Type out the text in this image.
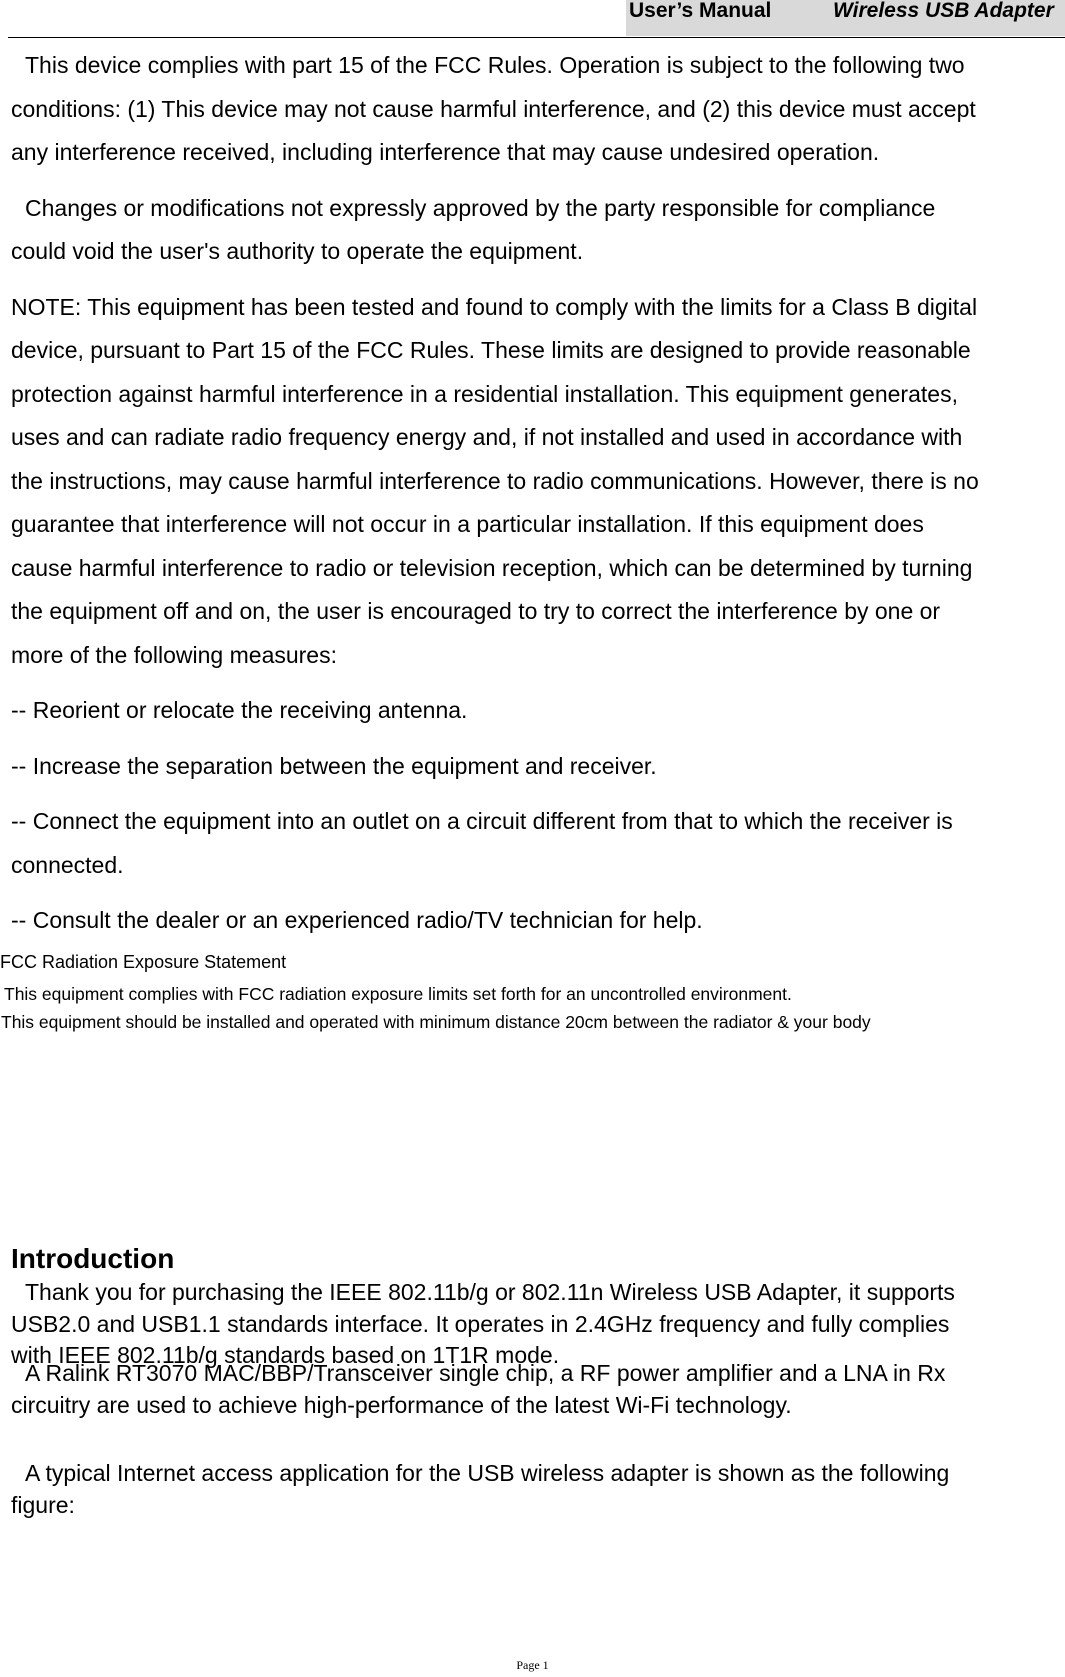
User’s Manual	Wireless USB Adapter

This device complies with part 15 of the FCC Rules. Operation is subject to the following two
conditions: (1) This device may not cause harmful interference, and (2) this device must accept
any interference received, including interference that may cause undesired operation.

Changes or modifications not expressly approved by the party responsible for compliance
could void the user's authority to operate the equipment.

NOTE: This equipment has been tested and found to comply with the limits for a Class B digital
device, pursuant to Part 15 of the FCC Rules. These limits are designed to provide reasonable
protection against harmful interference in a residential installation. This equipment generates,
uses and can radiate radio frequency energy and, if not installed and used in accordance with
the instructions, may cause harmful interference to radio communications. However, there is no
guarantee that interference will not occur in a particular installation. If this equipment does
cause harmful interference to radio or television reception, which can be determined by turning
the equipment off and on, the user is encouraged to try to correct the interference by one or
more of the following measures:

-- Reorient or relocate the receiving antenna.

-- Increase the separation between the equipment and receiver.

-- Connect the equipment into an outlet on a circuit different from that to which the receiver is
connected.

-- Consult the dealer or an experienced radio/TV technician for help.

FCC Radiation Exposure Statement
This equipment complies with FCC radiation exposure limits set forth for an uncontrolled environment.
This equipment should be installed and operated with minimum distance 20cm between the radiator & your body
Introduction
Thank you for purchasing the IEEE 802.11b/g or 802.11n Wireless USB Adapter, it supports
USB2.0 and USB1.1 standards interface. It operates in 2.4GHz frequency and fully complies
with IEEE 802.11b/g standards based on 1T1R mode.
A Ralink RT3070 MAC/BBP/Transceiver single chip, a RF power amplifier and a LNA in Rx
circuitry are used to achieve high-performance of the latest Wi-Fi technology.
A typical Internet access application for the USB wireless adapter is shown as the following
figure:
Page 1
